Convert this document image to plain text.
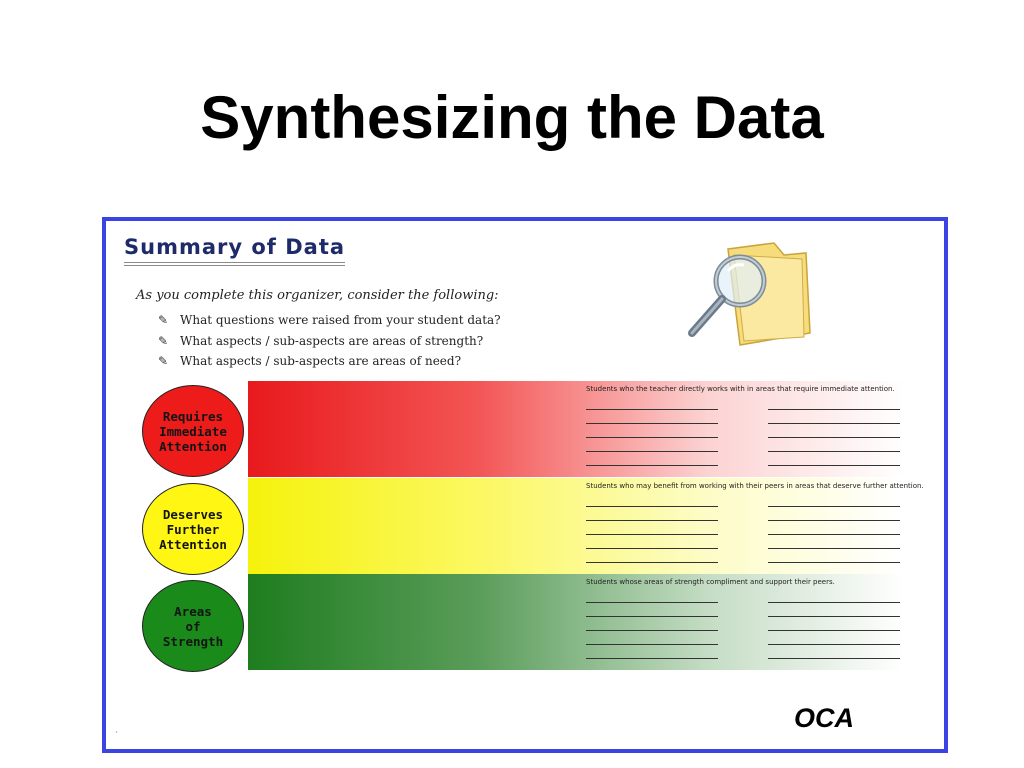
Synthesizing the Data
Summary of Data
As you complete this organizer, consider the following:
✎ What questions were raised from your student data?
✎ What aspects / sub-aspects are areas of strength?
✎ What aspects / sub-aspects are areas of need?
Requires
Immediate
Attention
Deserves
Further
Attention
Areas
of
Strength
Students who the teacher directly works with in areas that require immediate attention.
Students who may benefit from working with their peers in areas that deserve further attention.
Students whose areas of strength compliment and support their peers.
OCA
‘
